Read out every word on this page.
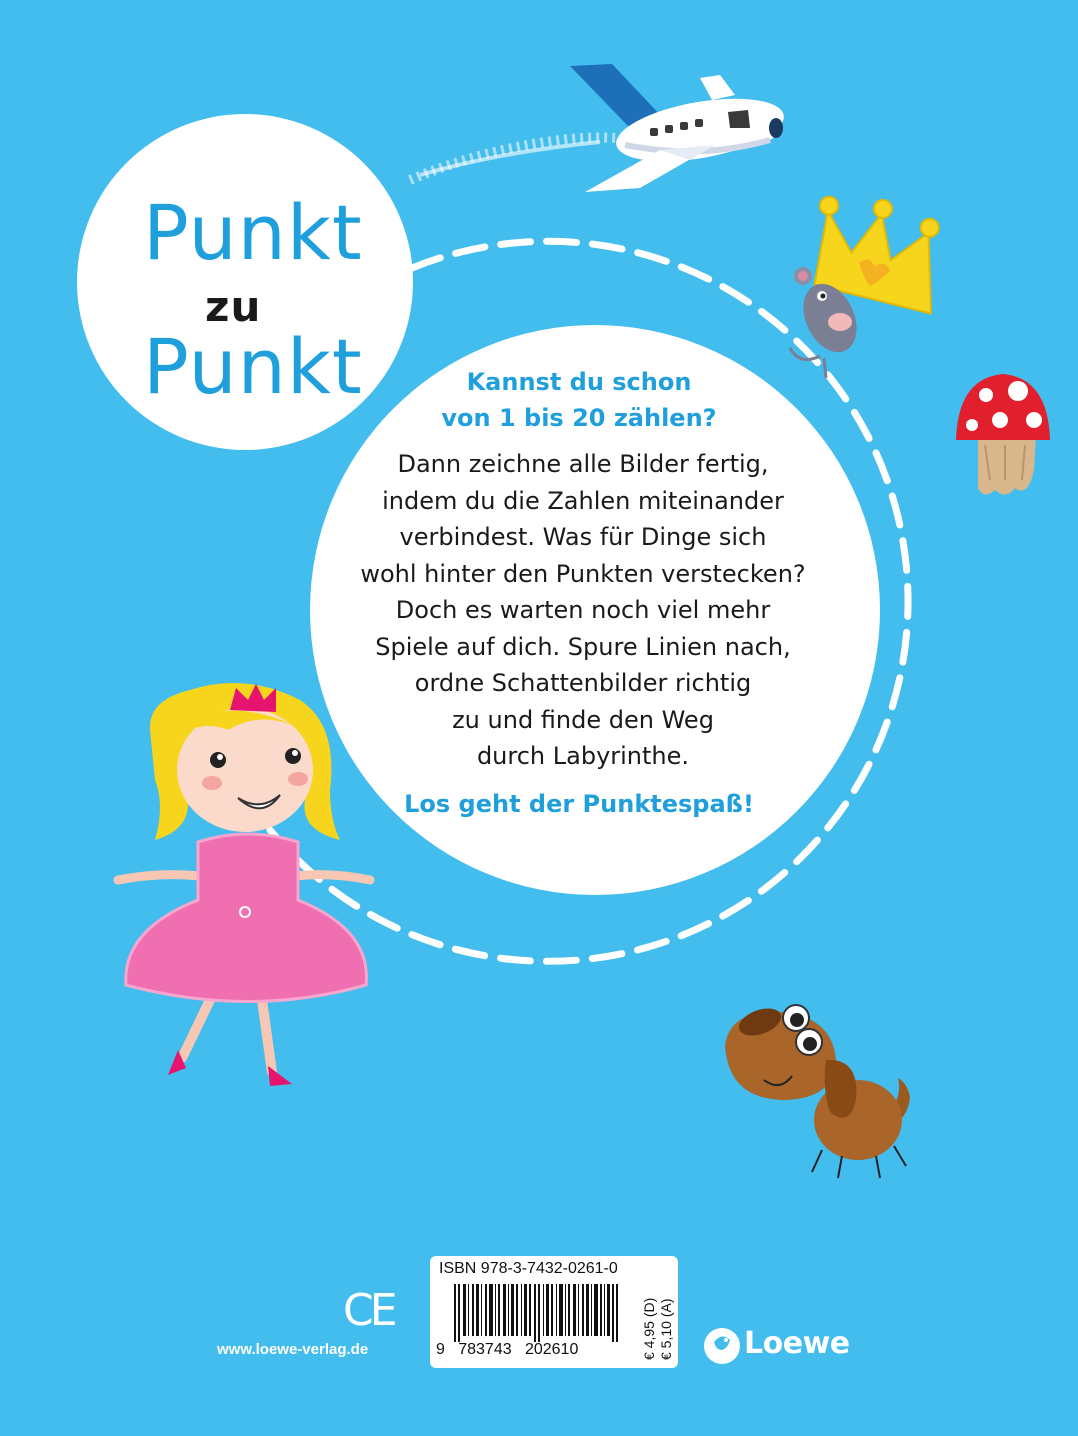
Punkt
zu
Punkt	Kannst du schon
von 1 bis 20 zählen?
Dann zeichne alle Bilder fertig,
indem du die Zahlen miteinander
verbindest. Was für Dinge sich
wohl hinter den Punkten verstecken?
Doch es warten noch viel mehr
Spiele auf dich. Spure Linien nach,
ordne Schattenbilder richtig
zu und finde den Weg
durch Labyrinthe.
Los geht der Punktespaß!
CE
www.loewe-verlag.de
ISBN 978-3-7432-0261-0
9   783743   202610	€ 4,95 (D) € 5,10 (A) Loewe
